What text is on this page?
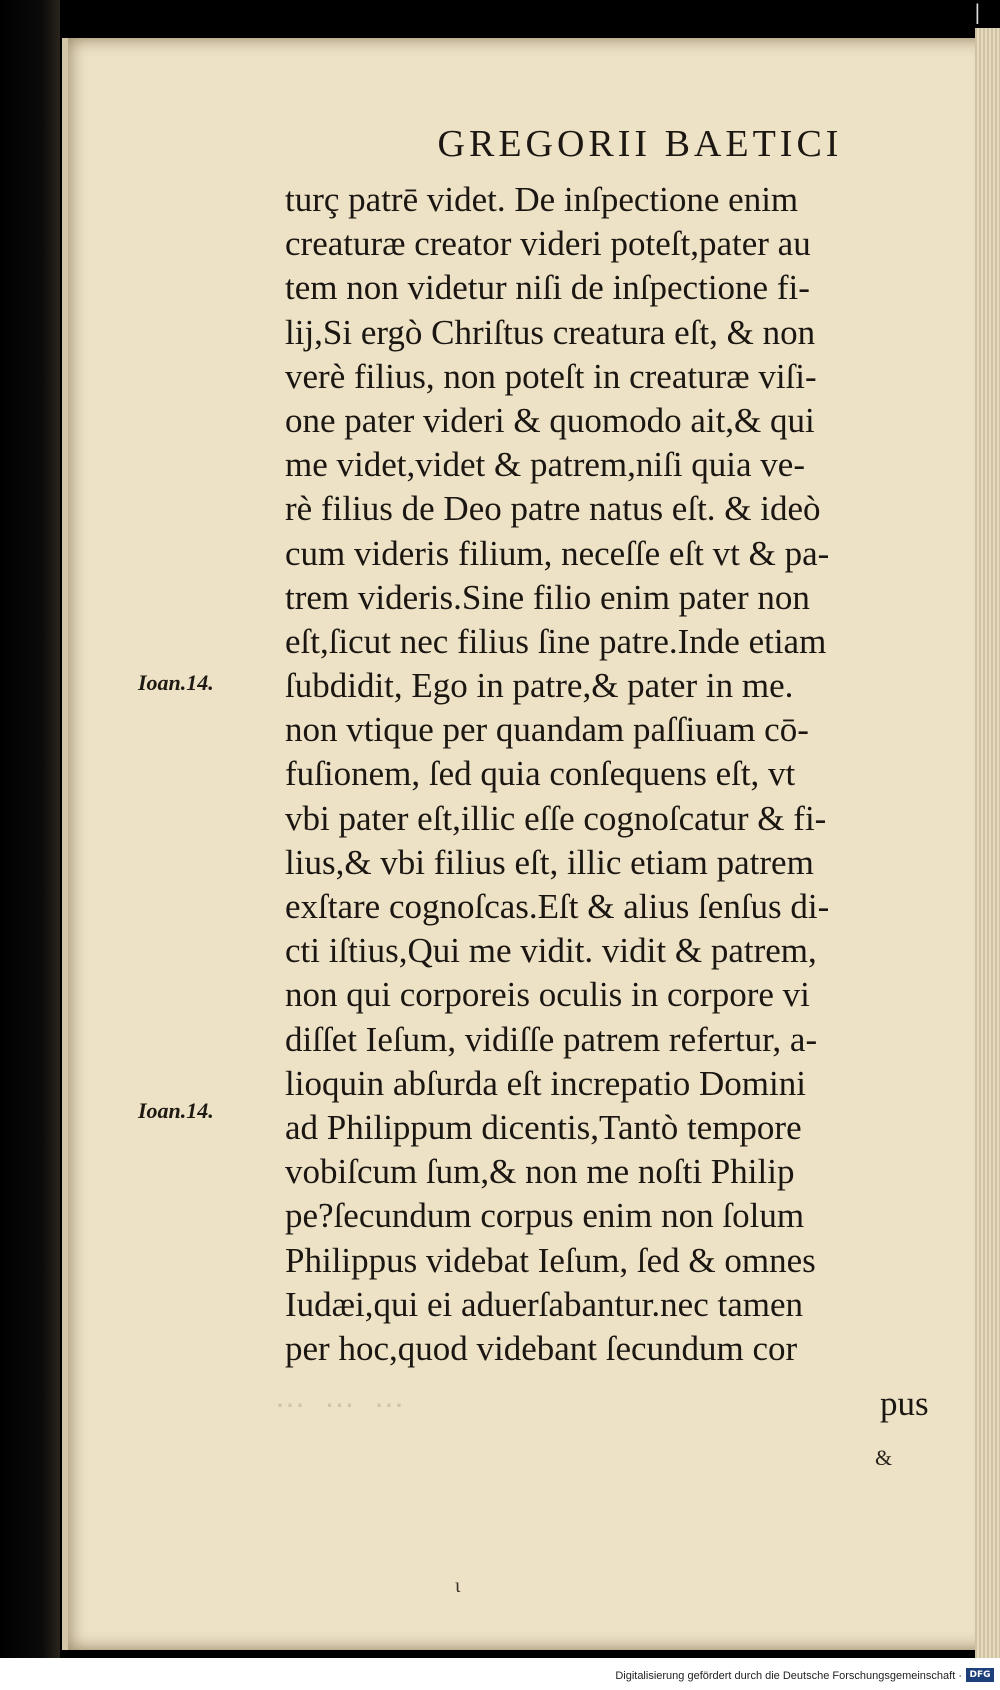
|
GREGORII BAETICI
turç patrē videt. De inſpectione enim
creaturæ creator videri poteſt,pater au
tem non videtur niſi de inſpectione fi-
lij,Si ergò Chriſtus creatura eſt, & non
verè filius, non poteſt in creaturæ viſi-
one pater videri & quomodo ait,& qui
me videt,videt & patrem,niſi quia ve-
rè filius de Deo patre natus eſt. & ideò
cum videris filium, neceſſe eſt vt & pa-
trem videris.Sine filio enim pater non
eſt,ſicut nec filius ſine patre.Inde etiam
ſubdidit, Ego in patre,& pater in me.
non vtique per quandam paſſiuam cō-
fuſionem, ſed quia conſequens eſt, vt
vbi pater eſt,illic eſſe cognoſcatur & fi-
lius,& vbi filius eſt, illic etiam patrem
exſtare cognoſcas.Eſt & alius ſenſus di-
cti iſtius,Qui me vidit. vidit & patrem,
non qui corporeis oculis in corpore vi
diſſet Ieſum, vidiſſe patrem refertur, a-
lioquin abſurda eſt increpatio Domini
ad Philippum dicentis,Tantò tempore
vobiſcum ſum,& non me noſti Philip
pe?ſecundum corpus enim non ſolum
Philippus videbat Ieſum, ſed & omnes
Iudæi,qui ei aduerſabantur.nec tamen
per hoc,quod videbant ſecundum cor
Ioan.14.
Ioan.14.
⋯ ⋯ ⋯	pus
&
ι
Digitalisierung gefördert durch die Deutsche Forschungsgemeinschaft · DFG
